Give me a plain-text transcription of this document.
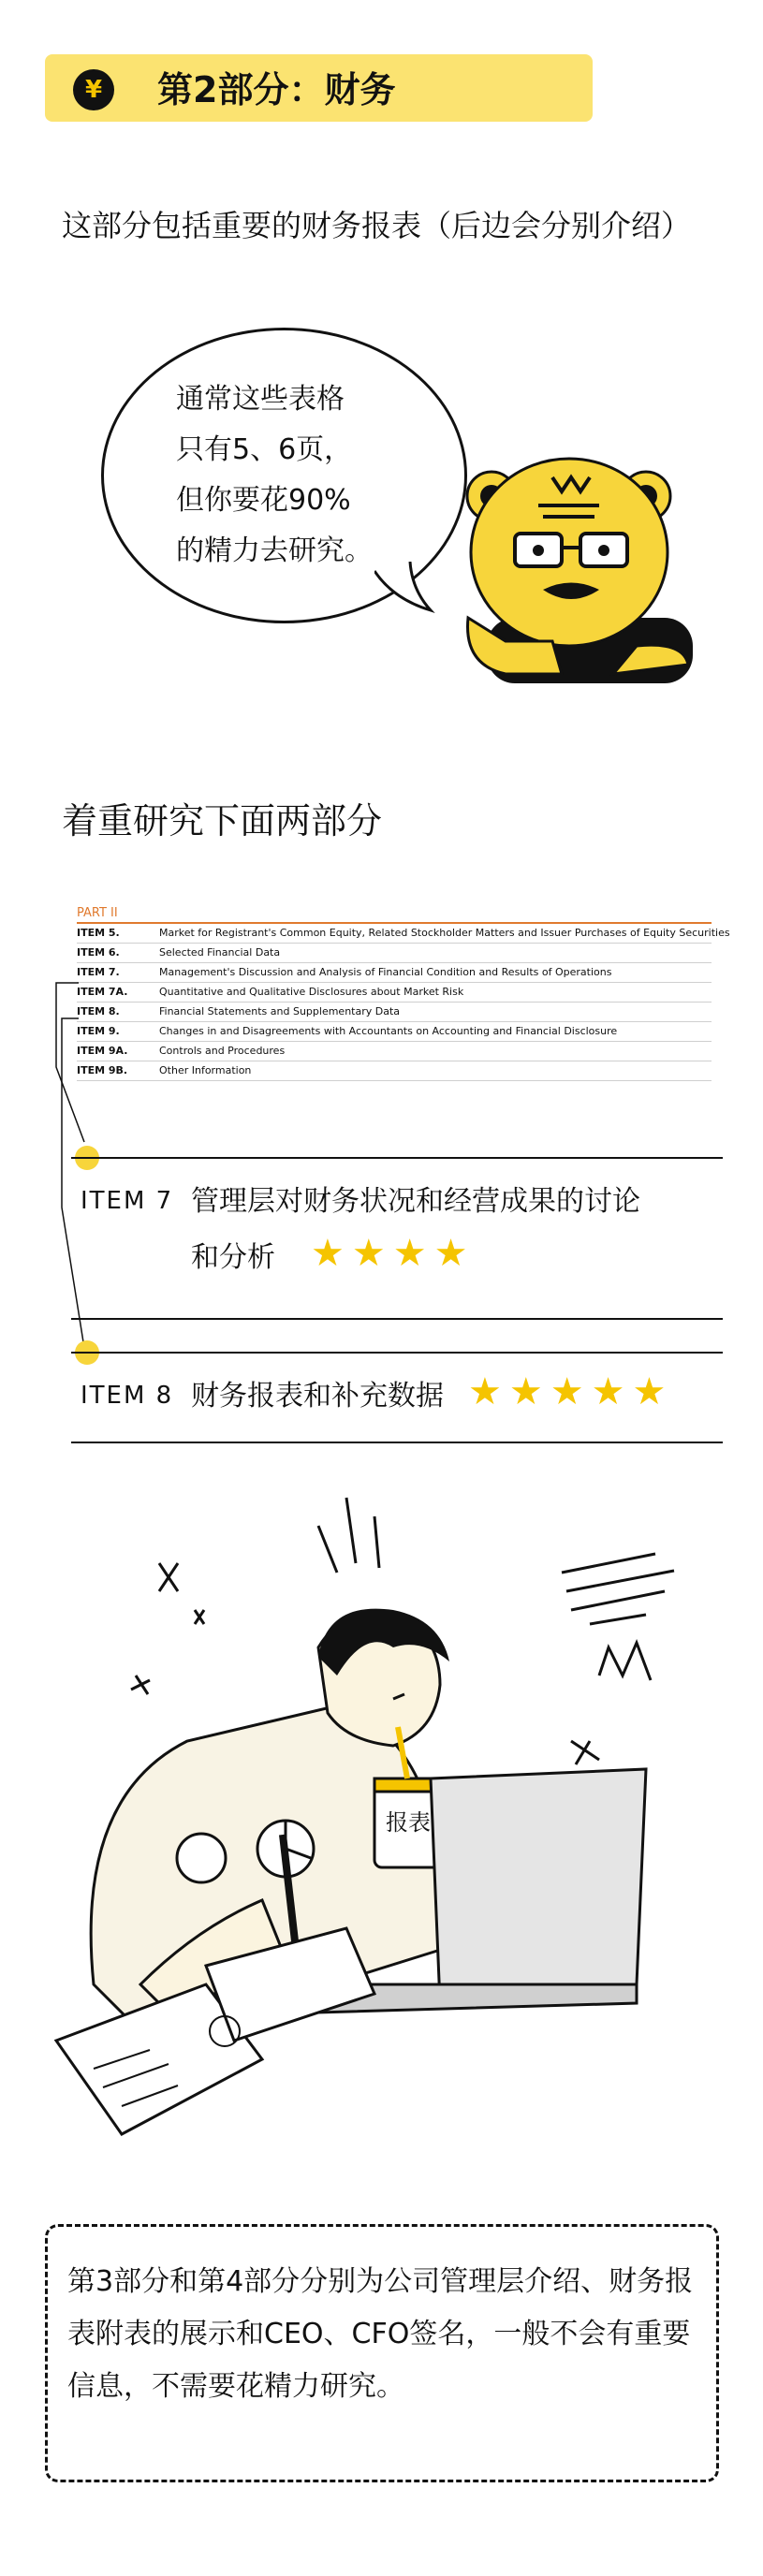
¥	第2部分：财务
这部分包括重要的财务报表（后边会分别介绍）
通常这些表格
只有5、6页，
但你要花90%
的精力去研究。
着重研究下面两部分
PART II
ITEM 5.	Market for Registrant's Common Equity, Related Stockholder Matters and Issuer Purchases of Equity Securities
ITEM 6.	Selected Financial Data
ITEM 7.	Management's Discussion and Analysis of Financial Condition and Results of Operations
ITEM 7A.	Quantitative and Qualitative Disclosures about Market Risk
ITEM 8.	Financial Statements and Supplementary Data
ITEM 9.	Changes in and Disagreements with Accountants on Accounting and Financial Disclosure
ITEM 9A.	Controls and Procedures
ITEM 9B.	Other Information
ITEM 7 管理层对财务状况和经营成果的讨论
和分析 ★★★★
ITEM 8 财务报表和补充数据 ★★★★★
报表
第3部分和第4部分分别为公司管理层介绍、财务报表附表的展示和CEO、CFO签名，一般不会有重要信息，不需要花精力研究。
